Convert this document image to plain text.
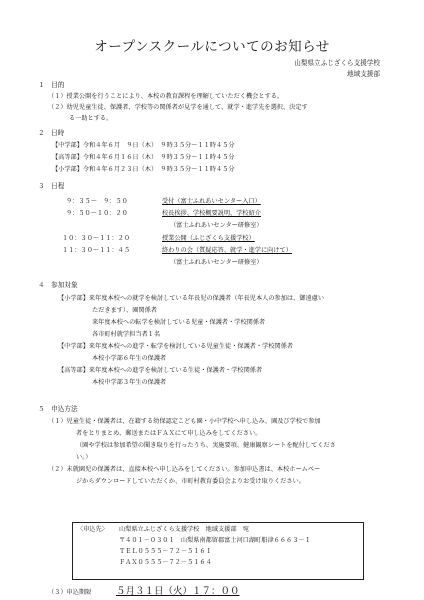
オープンスクールについてのお知らせ
山梨県立ふじざくら支援学校
地域支援部
１　目的
（１）授業公開を行うことにより、本校の教育課程を理解していただく機会とする。
（２）幼児児童生徒、保護者、学校等の関係者が見学を通して、就学・進学先を選択、決定す
る一助とする。
２　日時
【中学部】令和４年６月　９日（木）　９時３５分～１１時４５分
【高等部】令和４年６月１６日（木）　９時３５分～１１時４５分
【小学部】令和４年６月２３日（木）　９時３５分～１１時４５分
３　日程
９：３５～　９：５０	受付（富士ふれあいセンター入口）
９：５０～１０：２０	校長挨拶、学校概要説明、学校紹介
（富士ふれあいセンター研修室）
１０：３０～１１：２０	授業公開（ふじざくら支援学校）
１１：３０～１１：４５	終わりの会（質疑応答、就学・進学に向けて）
（富士ふれあいセンター研修室）
４　参加対象
【小学部】来年度本校への就学を検討している年長児の保護者（年長児本人の参加は、御遠慮い
ただきます）、園関係者
来年度本校への転学を検討している児童・保護者・学校関係者
各市町村就学担当者１名
【中学部】来年度本校への進学・転学を検討している児童生徒・保護者・学校関係者
本校小学部６年生の保護者
【高等部】来年度本校への進学を検討している生徒・保護者・学校関係者
本校中学部３年生の保護者
５　申込方法
（１）児童生徒・保護者は、在籍する幼保認定こども園・小中学校へ申し込み、園及び学校で参加
者をとりまとめ、郵送またはＦＡＸにて申し込みをしてください。
（園や学校は参加希望の聞き取りを行ったうち、実施要項、健康観察シートを配付してくださ
い。）
（２）未就園児の保護者は、直接本校へ申し込みをしてください。参加申込書は、本校ホームペー
ジからダウンロードしていただくか、市町村教育委員会よりお受け取りください。
〈申込先〉 山梨県立ふじざくら支援学校　地域支援部　宛
〒４０１－０３０１　山梨県南都留郡富士河口湖町船津６６６３－１
ＴＥＬ０５５５－７２－５１６１
ＦＡＸ０５５５－７２－５１６４
（３）申込期限	５月３１日（火）１７：００
